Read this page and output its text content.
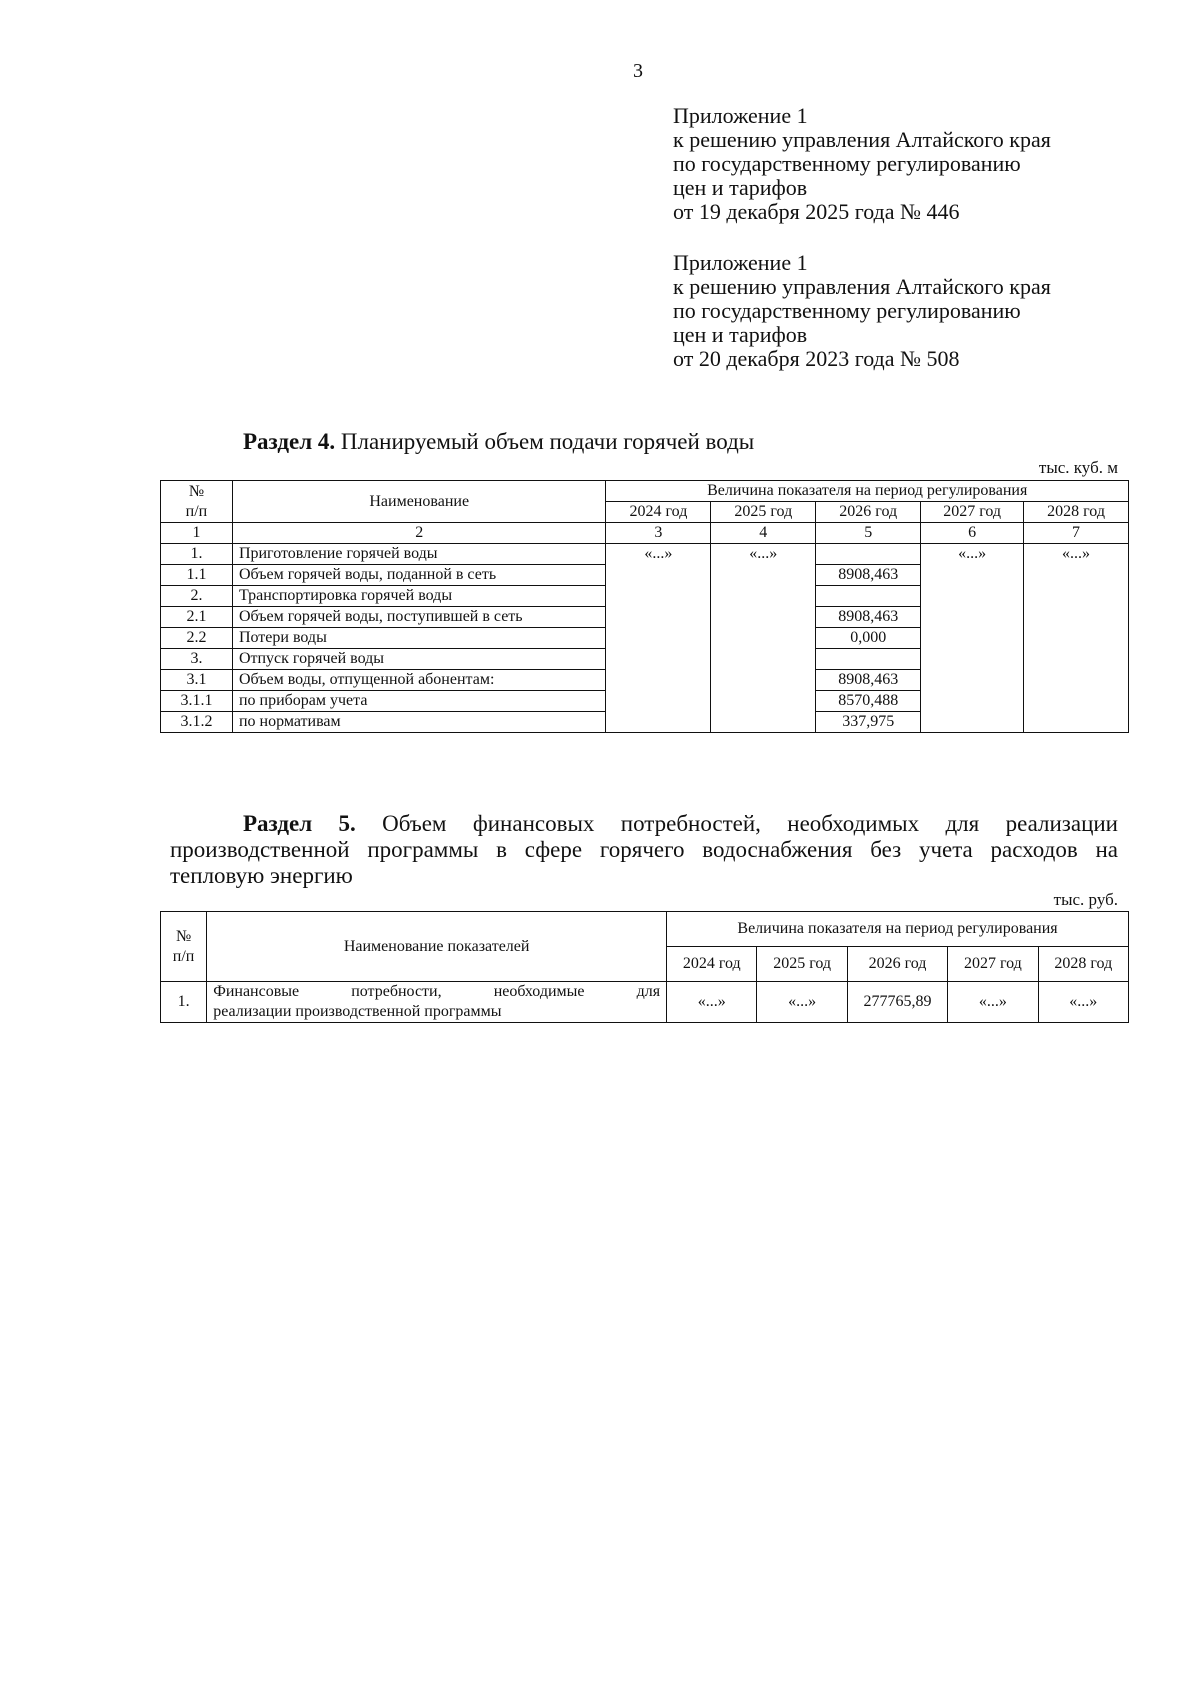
3
Приложение 1
к решению управления Алтайского края
по государственному регулированию
цен и тарифов
от 19 декабря 2025 года № 446
Приложение 1
к решению управления Алтайского края
по государственному регулированию
цен и тарифов
от 20 декабря 2023 года № 508
Раздел 4. Планируемый объем подачи горячей воды
тыс. куб. м
№
п/п	Наименование	Величина показателя на период регулирования				
		2024 год	2025 год	2026 год	2027 год	2028 год
1	2	3	4	5	6	7
1.	Приготовление горячей воды	«...»	«...»		«...»	«...»
1.1	Объем горячей воды, поданной в сеть			8908,463		
2.	Транспортировка горячей воды					
2.1	Объем горячей воды, поступившей в сеть			8908,463		
2.2	Потери воды			0,000		
3.	Отпуск горячей воды					
3.1	Объем воды, отпущенной абонентам:			8908,463		
3.1.1	по приборам учета			8570,488		
3.1.2	по нормативам			337,975		
Раздел 5. Объем финансовых потребностей, необходимых для реализации
производственной программы в сфере горячего водоснабжения без учета расходов на
тепловую энергию
тыс. руб.
№
п/п	Наименование показателей	Величина показателя на период регулирования				
		2024 год	2025 год	2026 год	2027 год	2028 год
1.	Финансовые потребности, необходимые для
реализации производственной программы	«...»	«...»	277765,89	«...»	«...»
